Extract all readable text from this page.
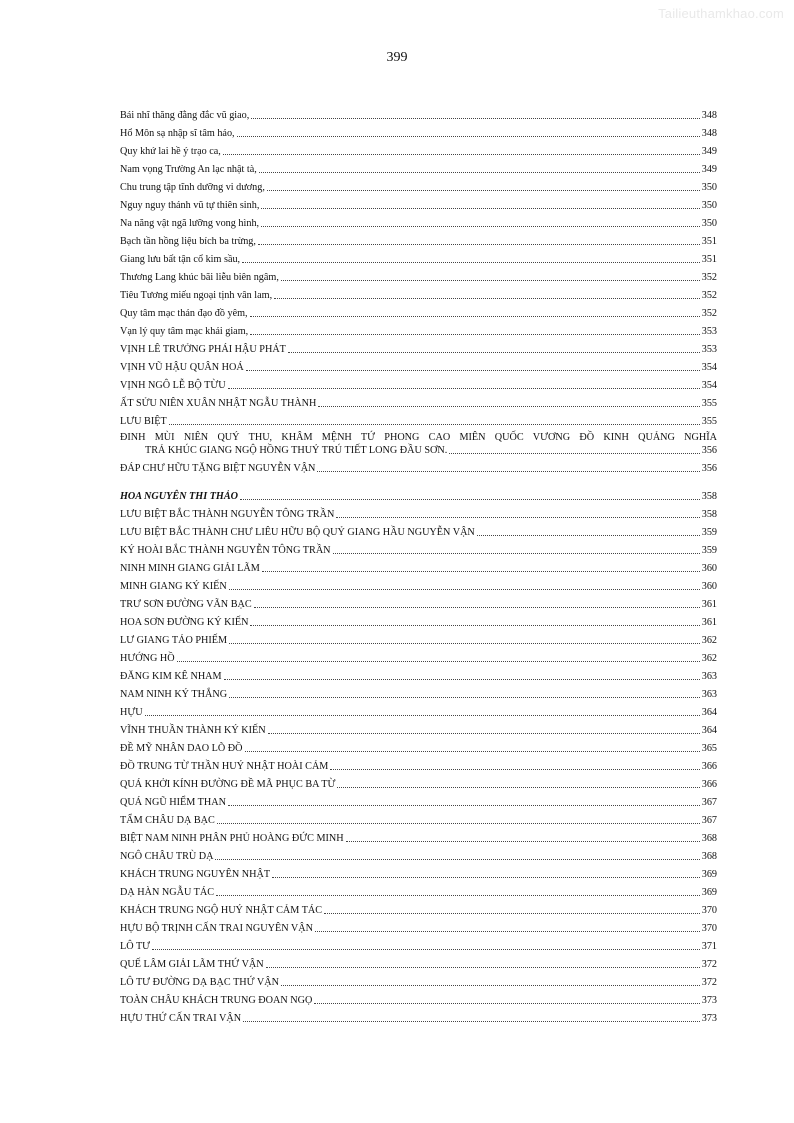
Tailieuthamkhao.com
399
Bái nhĩ thăng đằng đắc vũ giao,	348
Hổ Môn sạ nhập sĩ tâm hảo,	348
Quy khứ lai hề ý trạo ca,	349
Nam vọng Trường An lạc nhật tà,	349
Chu trung tập tĩnh dưỡng vi dương,	350
Nguy nguy thánh vũ tự thiên sinh,	350
Na năng vật ngã lưỡng vong hình,	350
Bạch tần hồng liệu bích ba trừng,	351
Giang lưu bất tận cổ kim sầu,	351
Thương Lang khúc bãi liễu biên ngâm,	352
Tiêu Tương miếu ngoại tịnh vân lam,	352
Quy tâm mạc thán đạo đồ yêm,	352
Vạn lý quy tâm mạc khải giam,	353
VỊNH LÊ TRƯỞNG PHÁI HẬU PHÁT	353
VỊNH VŨ HẬU QUÂN HOÁ	354
VỊNH NGÔ LỄ BỘ TỪU	354
ẤT SỬU NIÊN XUÂN NHẬT NGẪU THÀNH	355
LƯU BIỆT	355
ĐINH MÙI NIÊN QUÝ THU, KHÂM MỆNH TỨ PHONG CAO MIÊN QUỐC VƯƠNG ĐỒ KINH QUẢNG NGHĨA
TRẢ KHÚC GIANG NGỘ HỒNG THUỶ TRÚ TIẾT LONG ĐẦU SƠN.	356
ĐÁP CHƯ HỮU TẶNG BIỆT NGUYỄN VẬN	356
HOA NGUYÊN THI THẢO	358
LƯU BIỆT BẮC THÀNH NGUYỄN TÔNG TRẦN	358
LƯU BIỆT BẮC THÀNH CHƯ LIÊU HỮU BỘ QUỶ GIANG HẦU NGUYỄN VẬN	359
KÝ HOÀI BẮC THÀNH NGUYỄN TÔNG TRẦN	359
NINH MINH GIANG GIẢI LÃM	360
MINH GIANG KÝ KIẾN	360
TRƯ SƠN ĐƯỜNG VÃN BẠC	361
HOA SƠN ĐƯỜNG KÝ KIẾN	361
LƯ GIANG TẢO PHIẾM	362
HƯỚNG HỒ	362
ĐĂNG KIM KÊ NHAM	363
NAM NINH KÝ THẮNG	363
HỰU	364
VĨNH THUẦN THÀNH KÝ KIẾN	364
ĐỀ MỸ NHÂN DAO LÕ ĐỒ	365
ĐỒ TRUNG TỪ THẦN HUÝ NHẬT HOÀI CẢM	366
QUÁ KHỞI KÍNH ĐƯỜNG ĐỀ MÃ PHỤC BA TỪ	366
QUÁ NGŨ HIỂM THAN	367
TẨM CHÂU DẠ BẠC	367
BIỆT NAM NINH PHÂN PHỦ HOÀNG ĐỨC MINH	368
NGÔ CHÂU TRÙ DẠ	368
KHÁCH TRUNG NGUYÊN NHẬT	369
DẠ HÀN NGẪU TÁC	369
KHÁCH TRUNG NGỘ HUÝ NHẬT CẢM TÁC	370
HỰU BỘ TRỊNH CẤN TRAI NGUYÊN VẬN	370
LÔ TƯ	371
QUẾ LÂM GIẢI LÃM THỨ VẬN	372
LÔ TƯ ĐƯỜNG DẠ BẠC THỨ VẬN	372
TOÀN CHÂU KHÁCH TRUNG ĐOAN NGỌ	373
HỰU THỨ CẤN TRAI VẬN	373
